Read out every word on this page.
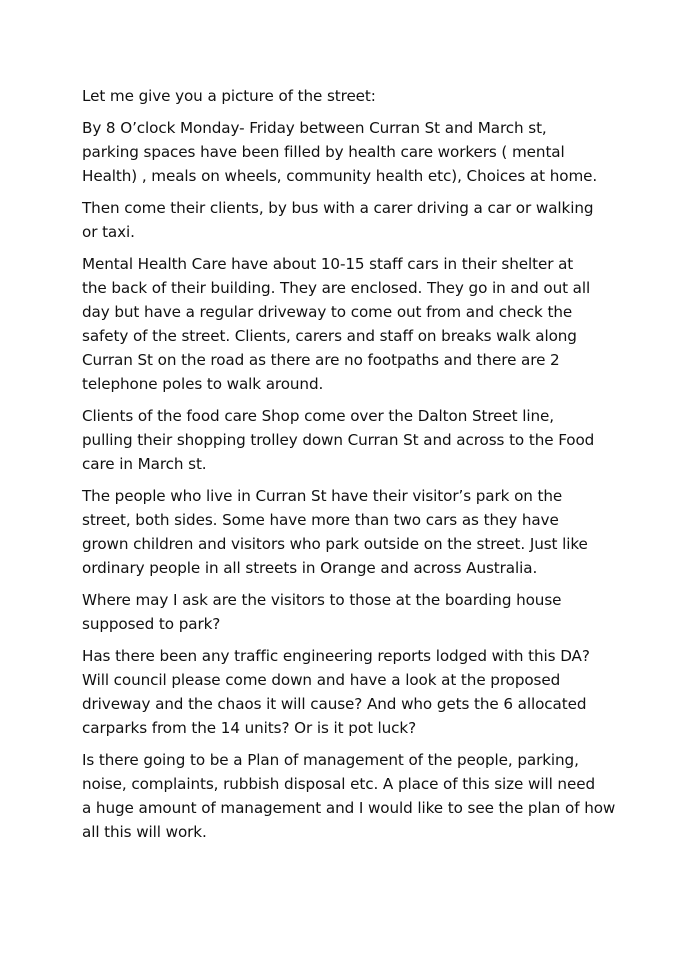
Let me give you a picture of the street:

By 8 O’clock Monday- Friday between Curran St and March st,
parking spaces have been filled by health care workers ( mental
Health) , meals on wheels, community health etc), Choices at home.

Then come their clients, by bus with a carer driving a car or walking
or taxi.

Mental Health Care have about 10-15 staff cars in their shelter at
the back of their building. They are enclosed. They go in and out all
day but have a regular driveway to come out from and check the
safety of the street. Clients, carers and staff on breaks walk along
Curran St on the road as there are no footpaths and there are 2
telephone poles to walk around.

Clients of the food care Shop come over the Dalton Street line,
pulling their shopping trolley down Curran St and across to the Food
care in March st.

The people who live in Curran St have their visitor’s park on the
street, both sides. Some have more than two cars as they have
grown children and visitors who park outside on the street. Just like
ordinary people in all streets in Orange and across Australia.

Where may I ask are the visitors to those at the boarding house
supposed to park?

Has there been any traffic engineering reports lodged with this DA?
Will council please come down and have a look at the proposed
driveway and the chaos it will cause? And who gets the 6 allocated
carparks from the 14 units? Or is it pot luck?

Is there going to be a Plan of management of the people, parking,
noise, complaints, rubbish disposal etc. A place of this size will need
a huge amount of management and I would like to see the plan of how
all this will work.
